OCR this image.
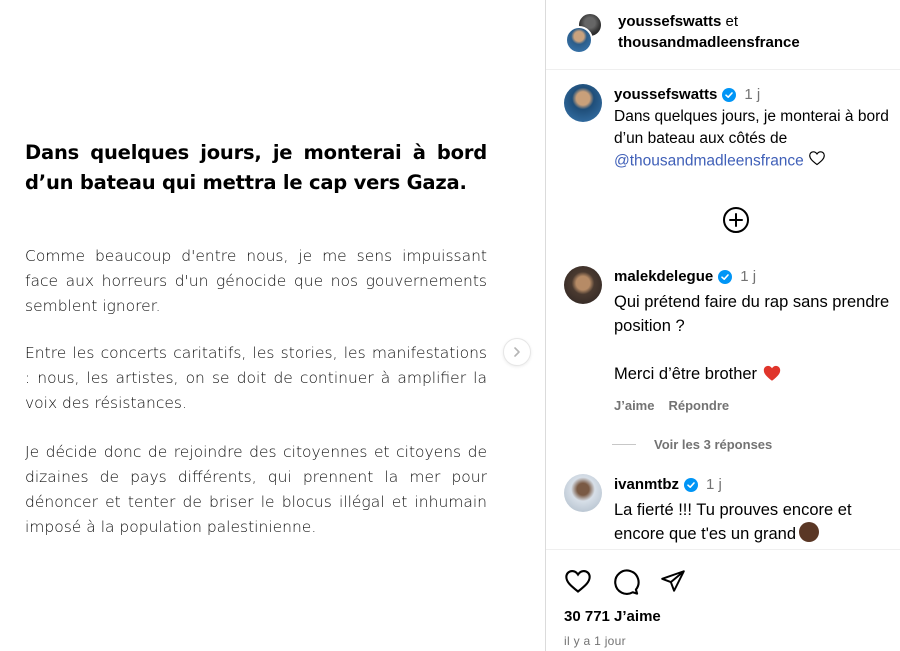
Dans quelques jours, je monterai à bord d’un bateau qui mettra le cap vers Gaza.
Comme beaucoup d'entre nous, je me sens impuissant face aux horreurs d'un génocide que nos gouvernements semblent ignorer.
Entre les concerts caritatifs, les stories, les manifestations : nous, les artistes, on se doit de continuer à amplifier la voix des résistances.
Je décide donc de rejoindre des citoyennes et citoyens de dizaines de pays différents, qui prennent la mer pour dénoncer et tenter de briser le blocus illégal et inhumain imposé à la population palestinienne.
youssefswatts et
thousandmadleensfrance
youssefswatts 1 j
Dans quelques jours, je monterai à bord d’un bateau aux côtés de @thousandmadleensfrance
malekdelegue 1 j
Qui prétend faire du rap sans prendre position ?
Merci d’être brother
J’aime Répondre
Voir les 3 réponses
ivanmtbz 1 j
La fierté !!! Tu prouves encore et encore que t'es un grand
30 771 J’aime
il y a 1 jour
